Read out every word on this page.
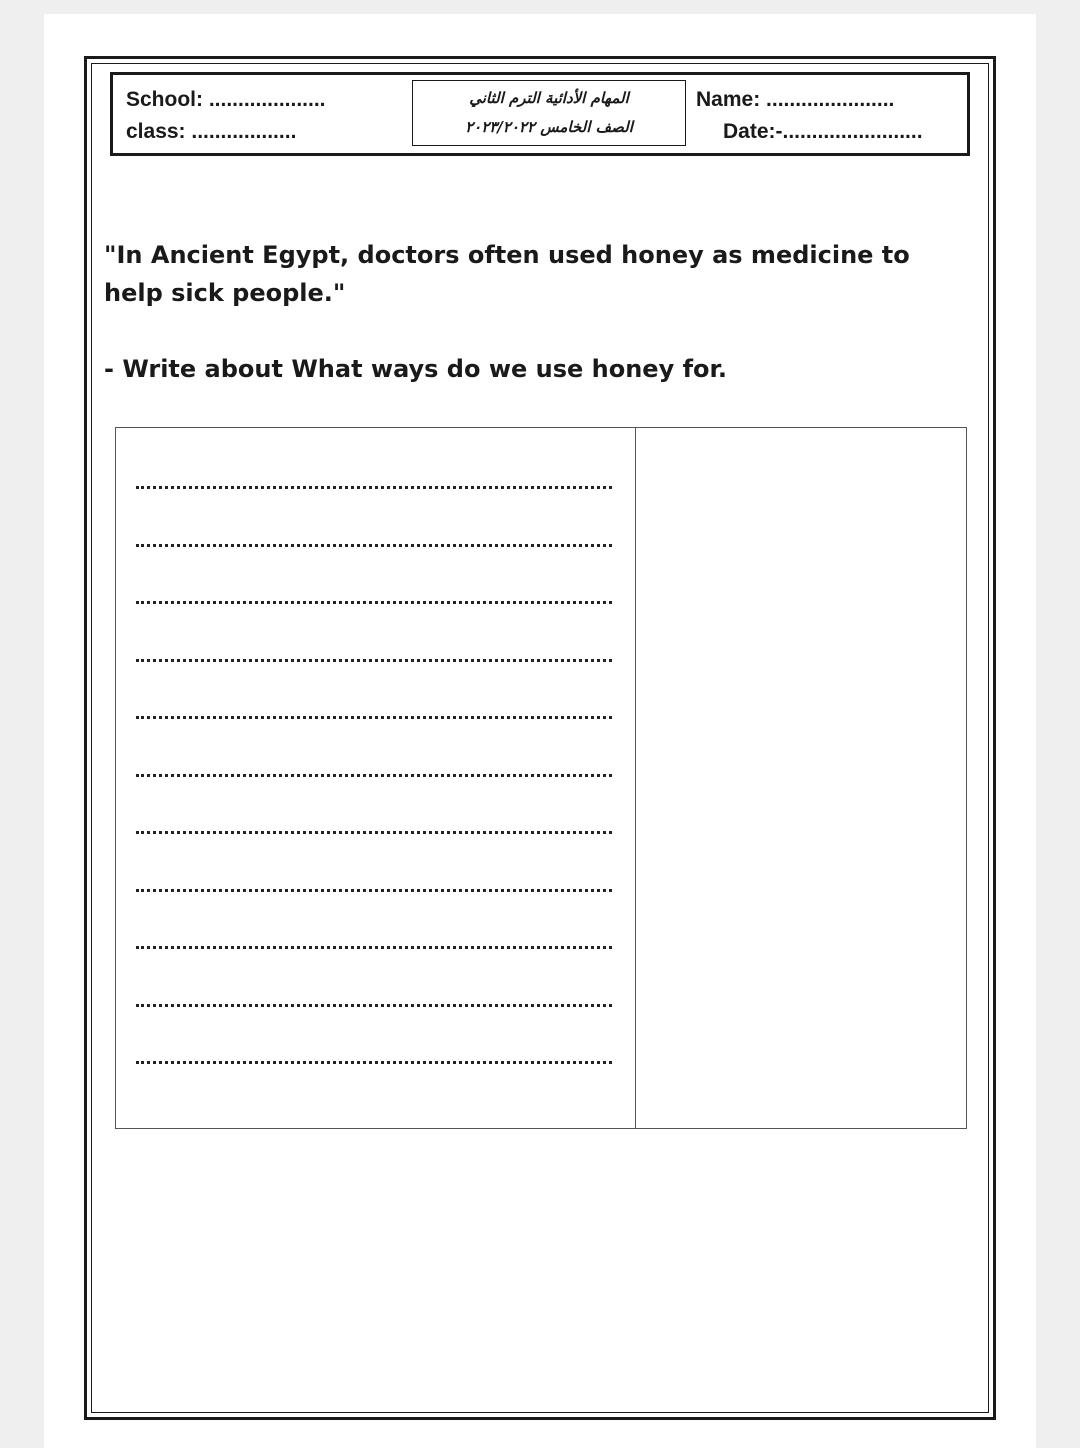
School: ....................
class: ..................
المهام الأدائية الترم الثاني
الصف الخامس ٢٠٢٣/٢٠٢٢
Name: ......................
Date:-........................

"In Ancient Egypt, doctors often used honey as medicine to help sick people."

- Write about What ways do we use honey for.
